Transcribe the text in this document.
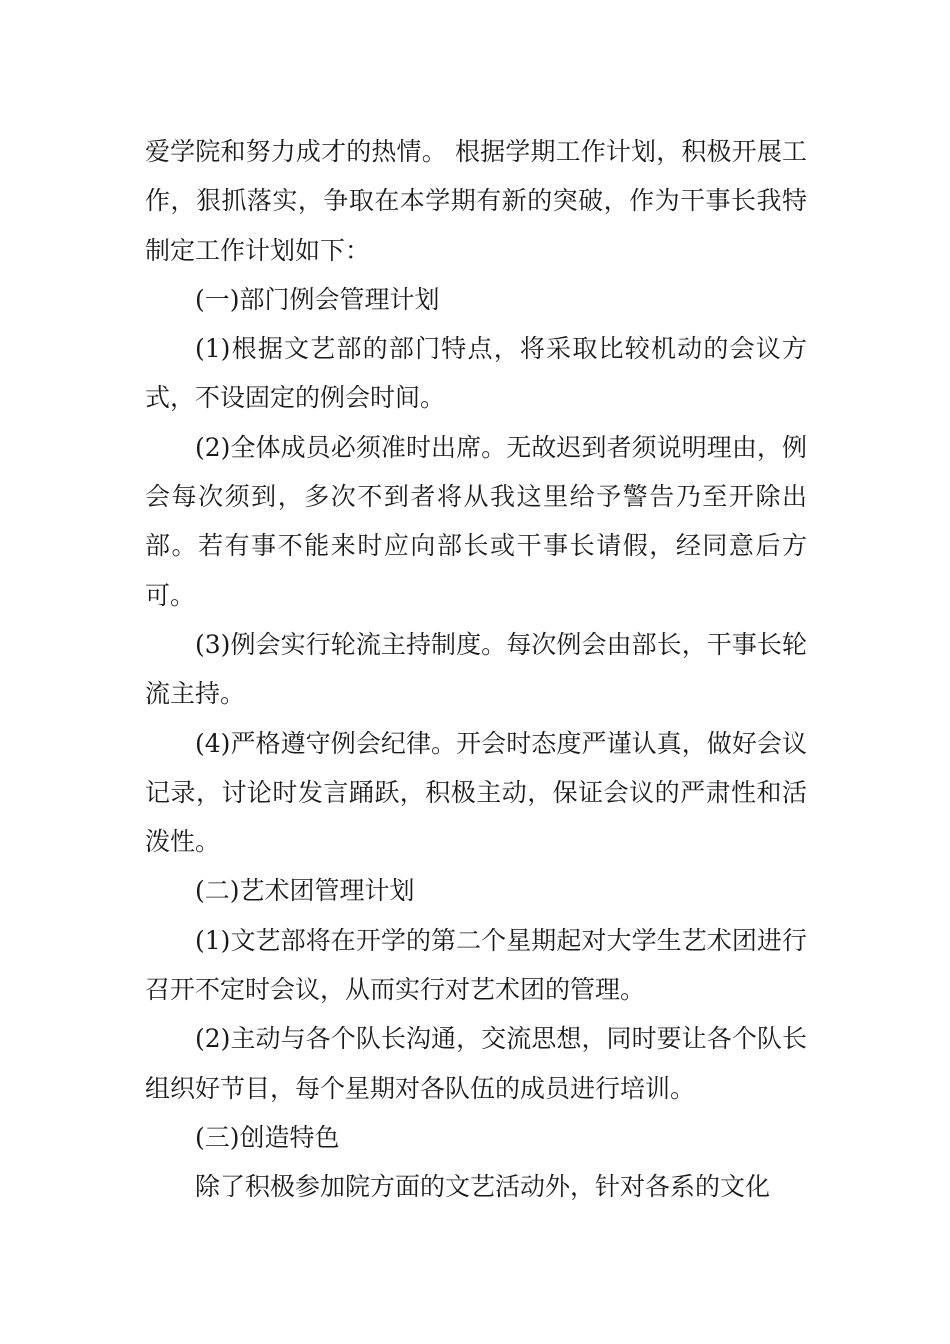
爱学院和努力成才的热情。 根据学期工作计划，积极开展工作，狠抓落实，争取在本学期有新的突破，作为干事长我特制定工作计划如下：

(一)部门例会管理计划

(1)根据文艺部的部门特点，将采取比较机动的会议方式，不设固定的例会时间。

(2)全体成员必须准时出席。无故迟到者须说明理由，例会每次须到，多次不到者将从我这里给予警告乃至开除出部。若有事不能来时应向部长或干事长请假，经同意后方可。

(3)例会实行轮流主持制度。每次例会由部长，干事长轮流主持。

(4)严格遵守例会纪律。开会时态度严谨认真，做好会议记录，讨论时发言踊跃，积极主动，保证会议的严肃性和活泼性。

(二)艺术团管理计划

(1)文艺部将在开学的第二个星期起对大学生艺术团进行召开不定时会议，从而实行对艺术团的管理。

(2)主动与各个队长沟通，交流思想，同时要让各个队长组织好节目，每个星期对各队伍的成员进行培训。

(三)创造特色

除了积极参加院方面的文艺活动外，针对各系的文化
